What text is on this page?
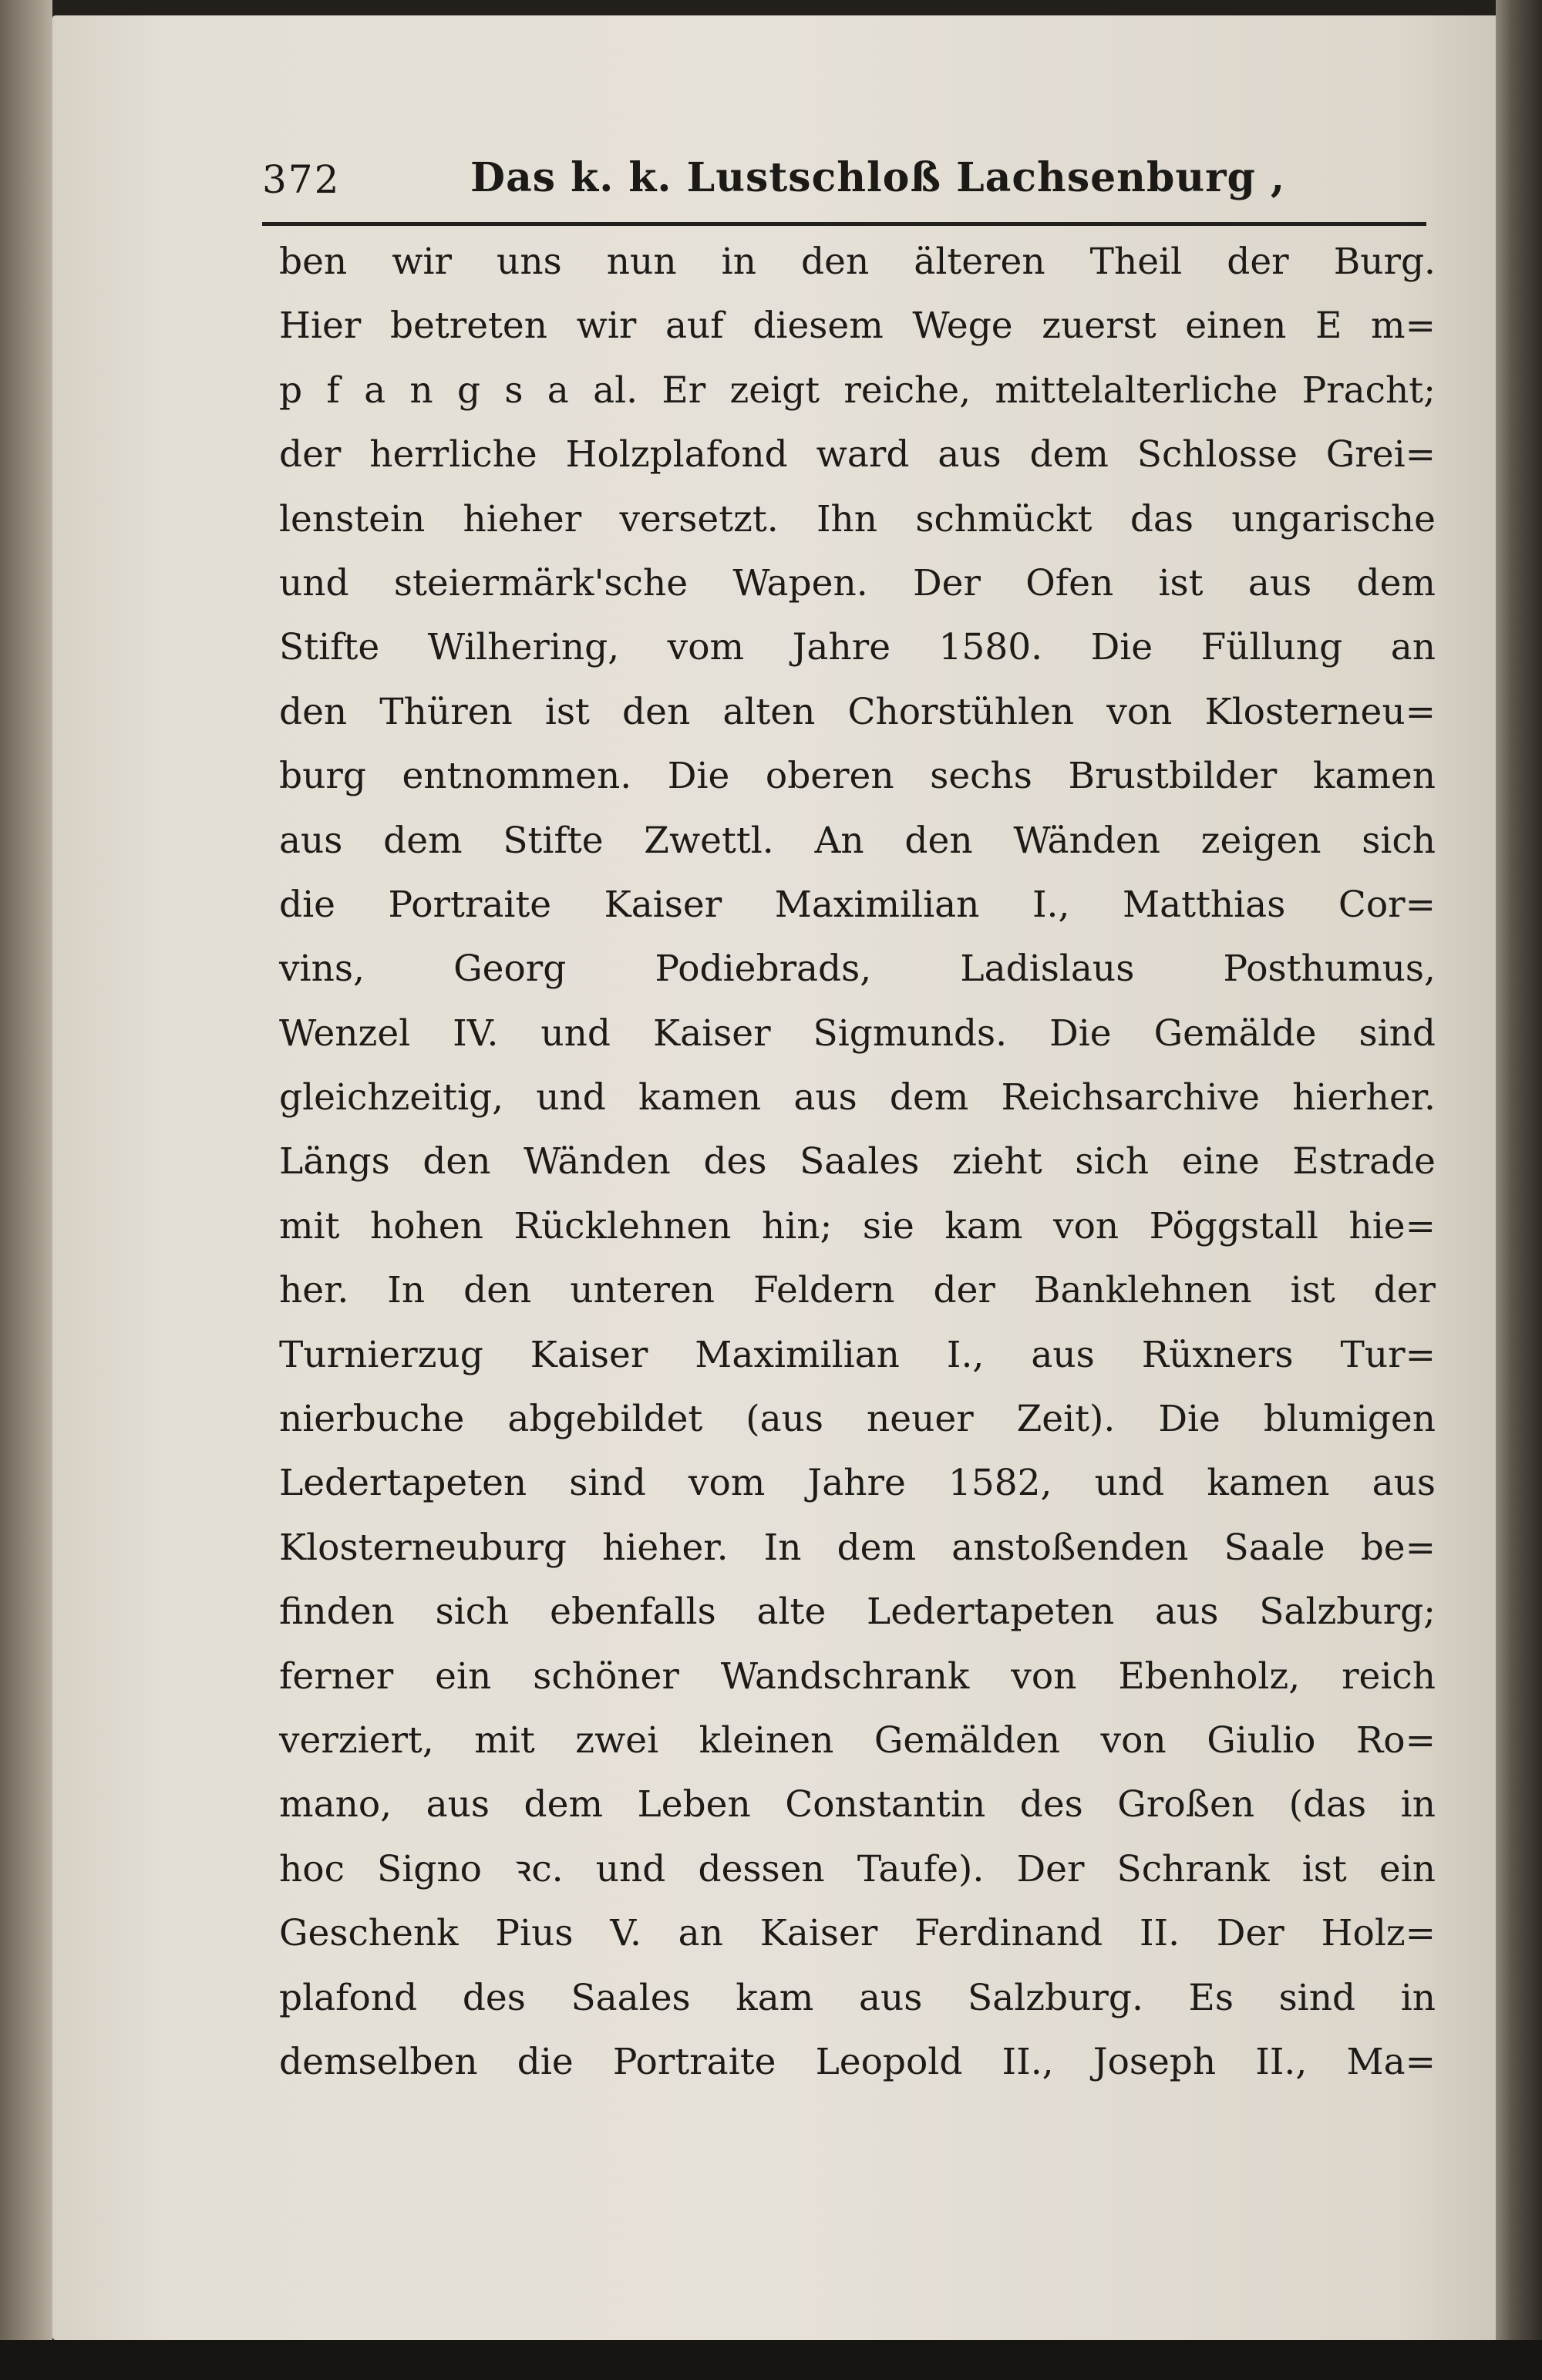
372	Das k. k. Lustschloß Lachsenburg ,
ben wir uns nun in den älteren Theil der Burg.
Hier betreten wir auf diesem Wege zuerst einen E m=
p f a n g s a al. Er zeigt reiche, mittelalterliche Pracht;
der herrliche Holzplafond ward aus dem Schlosse Grei=
lenstein hieher versetzt. Ihn schmückt das ungarische
und steiermärk'sche Wapen. Der Ofen ist aus dem
Stifte Wilhering, vom Jahre 1580. Die Füllung an
den Thüren ist den alten Chorstühlen von Klosterneu=
burg entnommen. Die oberen sechs Brustbilder kamen
aus dem Stifte Zwettl. An den Wänden zeigen sich
die Portraite Kaiser Maximilian I., Matthias Cor=
vins, Georg Podiebrads, Ladislaus Posthumus,
Wenzel IV. und Kaiser Sigmunds. Die Gemälde sind
gleichzeitig, und kamen aus dem Reichsarchive hierher.
Längs den Wänden des Saales zieht sich eine Estrade
mit hohen Rücklehnen hin; sie kam von Pöggstall hie=
her. In den unteren Feldern der Banklehnen ist der
Turnierzug Kaiser Maximilian I., aus Rüxners Tur=
nierbuche abgebildet (aus neuer Zeit). Die blumigen
Ledertapeten sind vom Jahre 1582, und kamen aus
Klosterneuburg hieher. In dem anstoßenden Saale be=
finden sich ebenfalls alte Ledertapeten aus Salzburg;
ferner ein schöner Wandschrank von Ebenholz, reich
verziert, mit zwei kleinen Gemälden von Giulio Ro=
mano, aus dem Leben Constantin des Großen (das in
hoc Signo ꝛc. und dessen Taufe). Der Schrank ist ein
Geschenk Pius V. an Kaiser Ferdinand II. Der Holz=
plafond des Saales kam aus Salzburg. Es sind in
demselben die Portraite Leopold II., Joseph II., Ma=
